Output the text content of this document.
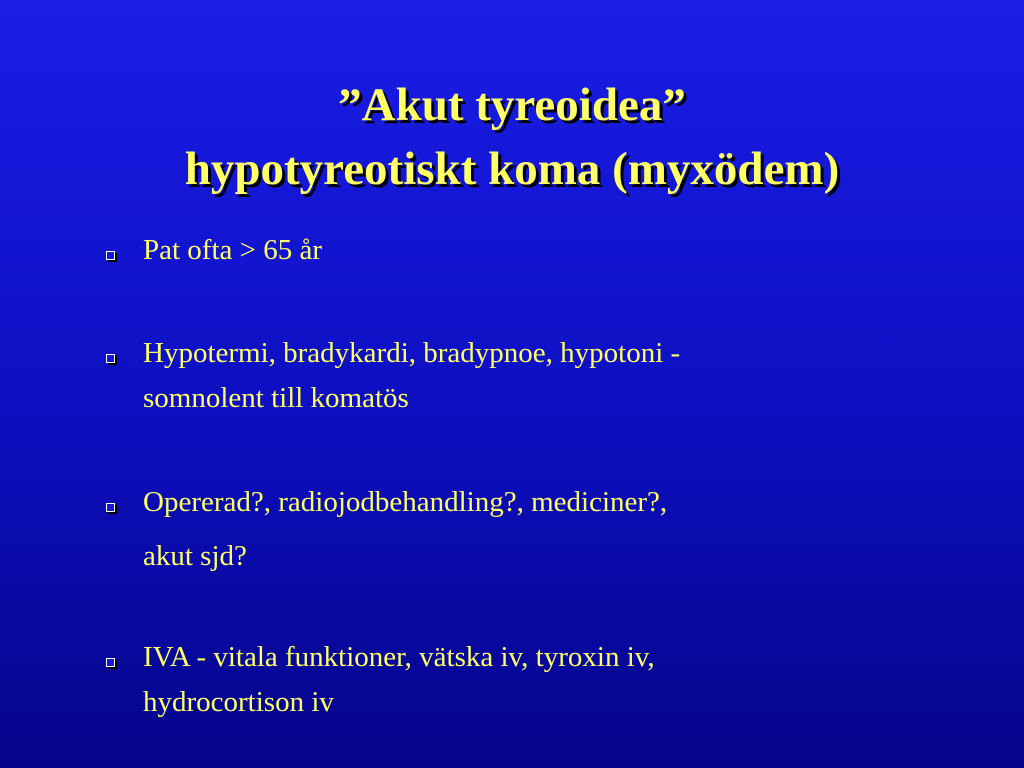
”Akut tyreoidea”
hypotyreotiskt koma (myxödem)
Pat ofta > 65 år
Hypotermi, bradykardi, bradypnoe, hypotoni -
somnolent till komatös
Opererad?, radiojodbehandling?, mediciner?,
akut sjd?
IVA - vitala funktioner, vätska iv, tyroxin iv,
hydrocortison iv
